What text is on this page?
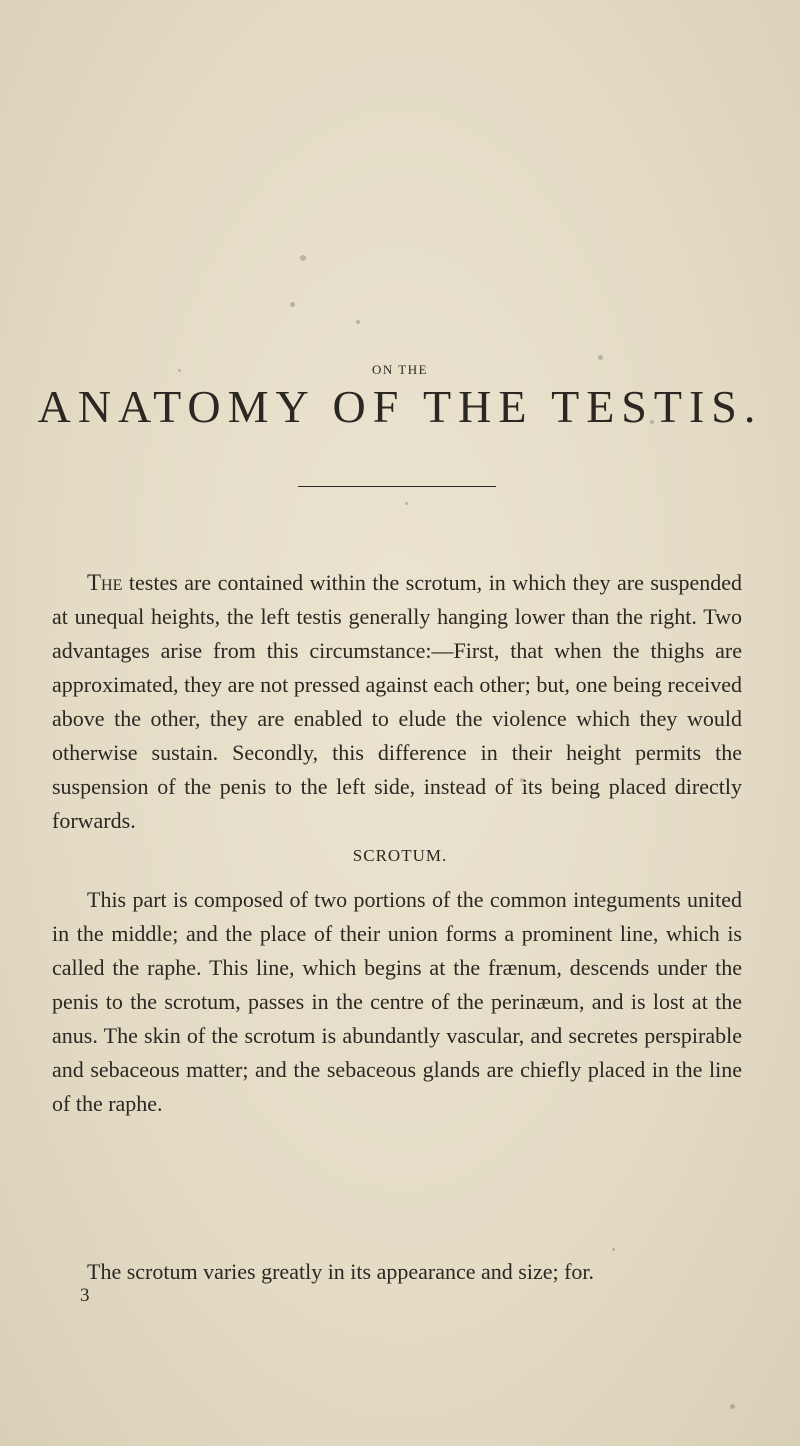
ON THE
ANATOMY OF THE TESTIS.

The testes are contained within the scrotum, in which they are suspended at unequal heights, the left testis generally hanging lower than the right. Two advantages arise from this circumstance:—First, that when the thighs are approximated, they are not pressed against each other; but, one being received above the other, they are enabled to elude the violence which they would otherwise sustain. Secondly, this difference in their height permits the suspension of the penis to the left side, instead of its being placed directly forwards.

SCROTUM.

This part is composed of two portions of the common integuments united in the middle; and the place of their union forms a prominent line, which is called the raphe. This line, which begins at the frænum, descends under the penis to the scrotum, passes in the centre of the perinæum, and is lost at the anus. The skin of the scrotum is abundantly vascular, and secretes perspirable and sebaceous matter; and the sebaceous glands are chiefly placed in the line of the raphe.

The scrotum varies greatly in its appearance and size; for.

3
